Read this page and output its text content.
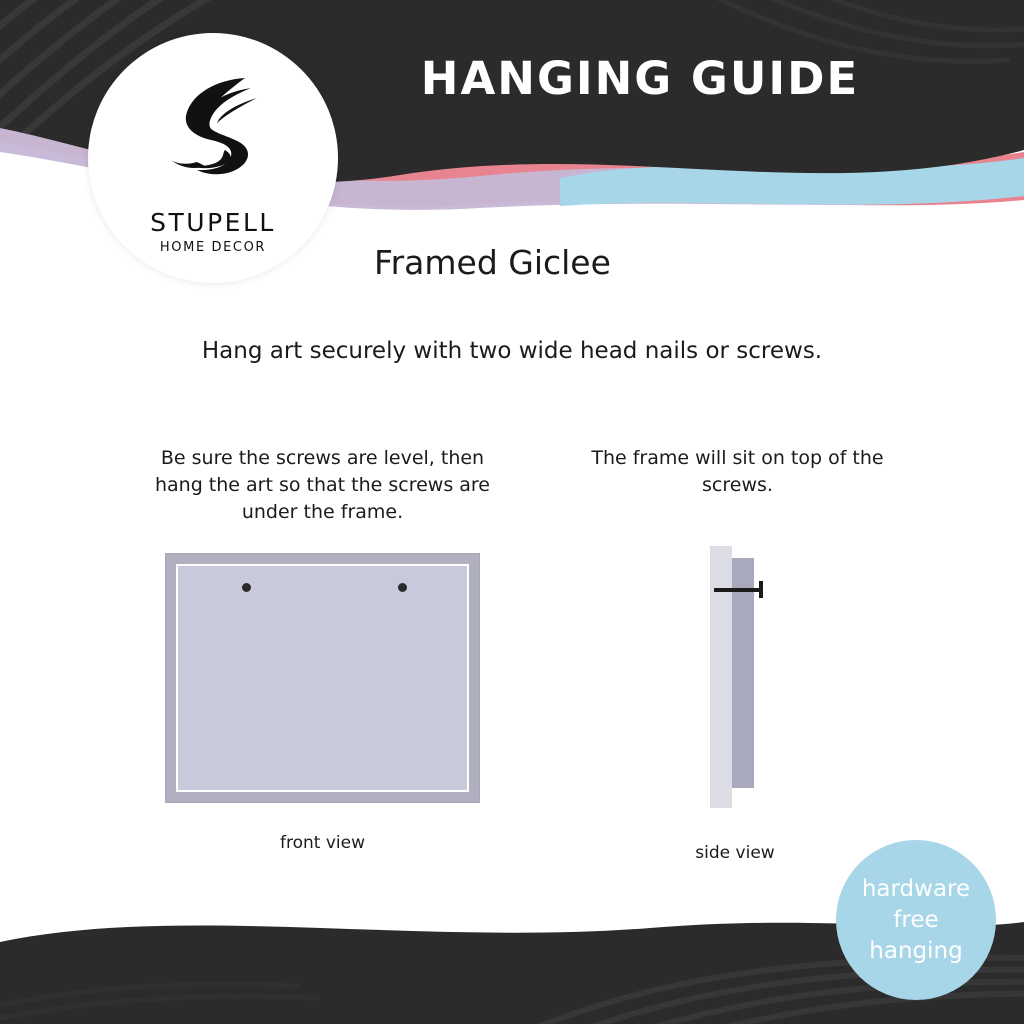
HANGING GUIDE
STUPELL
HOME DECOR	Framed Giclee
Hang art securely with two wide head nails or screws.
Be sure the screws are level, then hang the art so that the screws are under the frame.
front view
The frame will sit on top of the screws.
side view
hardware
free
hanging
